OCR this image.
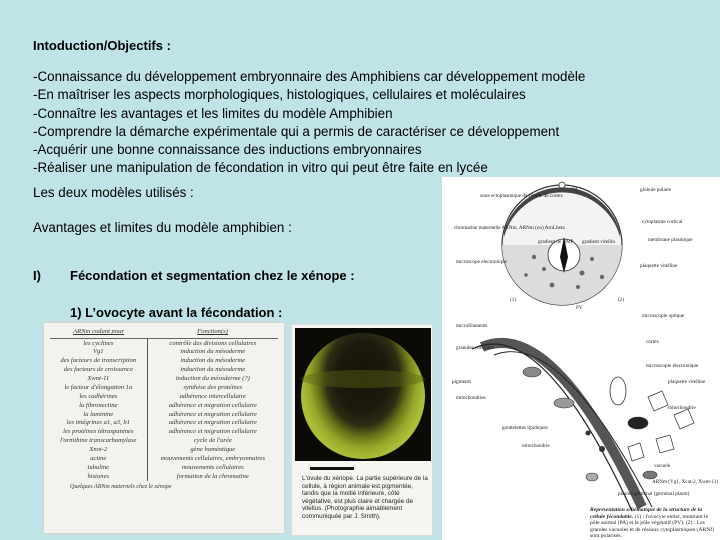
Intoduction/Objectifs :
-Connaissance du développement embryonnaire des Amphibiens car développement modèle
-En maîtriser les aspects morphologiques, histologiques, cellulaires et moléculaires
-Connaître les avantages et les limites du modèle Amphibien
-Comprendre la démarche expérimentale qui a permis de caractériser ce développement
-Acquérir une bonne connaissance des inductions embryonnaires
-Réaliser une manipulation de fécondation in vitro qui peut être faite en lycée
Les deux modèles utilisés :
Avantages et limites du modèle amphibien :
I) Fécondation et segmentation chez le xénope :
1) L’ovocyte avant la fécondation :
ARNm codant pour	Fonction(s)
les cyclines	contrôle des divisions cellulaires
Vg1	induction du mésoderme
des facteurs de transcription	induction du mésoderme
des facteurs de croissance	induction du mésoderme
Xwnt-11	induction du mésoderme (?)
le facteur d'élongation 1a	synthèse des protéines
les cadhérines	adhérence intercellulaire
la fibronectine	adhérence et migration cellulaire
la laminine	adhérence et migration cellulaire
les intégrines a1, a3, b1	adhérence et migration cellulaire
les protéines tétraspanines	adhérence et migration cellulaire
l'ornithine transcarbamylase	cycle de l'urée
Xnot-2	gène homéotique
actine	mouvements cellulaires, embryonnaires
tubuline	mouvements cellulaires
histones	formation de la chromatine
Quelques ARNm maternels chez le xénope
L'ovule du xénope. La partie supérieure de la cellule, à région animale est pigmentée, tandis que la moitié inférieure, côté végétative, est plus claire et chargée de vitellus. (Photographie aimablement communiquée par J. Smith).
zone ectoplasmique de l'étude du cortex
PA	globule polaire
cytoplasme cortical
chromatine maternelle ARNm, ARNm (ou) ArnLbeta
gradient de BMP gradient vitellin	membrane plasmique
microscope électronique
plaquette vitelline
PV
(1)	(2)
microfilaments
microscopie optique
granules corticaux
cortex
pigments
microscopie électronique
mitochondries
plaquette vitelline
mitochondrie
gouttelettes lipidiques
vacuole
mitochondrie
ARNm (Vg1, Xcat-2, Xwnt-11)
plasme germinal (germinal plasm)
Représentation schématique de la structure de la cellule fécondable. (1) : l'ovocyte entier, montrant le pôle animal (PA) et le pôle végétatif (PV). (2) : Les grandes vacuoles et de réseaux cytoplasmiques (ARNf) sont polarisés.
